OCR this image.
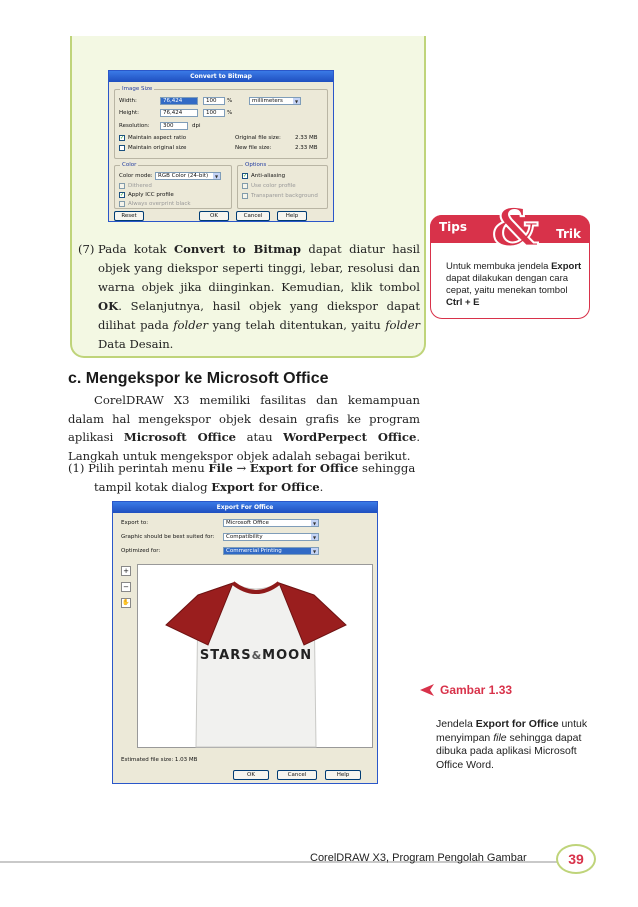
Convert to Bitmap
Image Size
Width:	76,424	100	%	millimeters	▼
Height:	76,424	100	%
Resolution:	300	dpi
✓ Maintain aspect ratio
Maintain original size
Original file size:	2.33 MB
New file size:	2.33 MB
Color
Color mode: RGB Color (24-bit)	▼
Dithered
✓ Apply ICC profile
Always overprint black
Options
✓ Anti-aliasing
Use color profile
Transparent background
Reset	OK	Cancel	Help
(7) Pada kotak Convert to Bitmap dapat diatur hasil objek yang diekspor seperti tinggi, lebar, resolusi dan warna objek jika diinginkan. Kemudian, klik tombol OK. Selanjutnya, hasil objek yang diekspor dapat dilihat pada folder yang telah ditentukan, yaitu folder Data Desain.
Tips & Trik
Untuk membuka jendela Export dapat dilakukan dengan cara cepat, yaitu menekan tombol Ctrl + E
c. Mengekspor ke Microsoft Office
CorelDRAW X3 memiliki fasilitas dan kemampuan dalam hal mengekspor objek desain grafis ke program aplikasi Microsoft Office atau WordPerpect Office. Langkah untuk mengekspor objek adalah sebagai berikut.
(1) Pilih perintah menu File → Export for Office sehingga tampil kotak dialog Export for Office.
Export For Office
Export to:	Microsoft Office	▼
Graphic should be best suited for:	Compatibility	▼
Optimized for:	Commercial Printing	▼
+
−
✋
STARS&MOON
Estimated file size: 1.03 MB
OK	Cancel	Help
Gambar 1.33
Jendela Export for Office untuk menyimpan file sehingga dapat dibuka pada aplikasi Microsoft Office Word.
CorelDRAW X3, Program Pengolah Gambar	39
